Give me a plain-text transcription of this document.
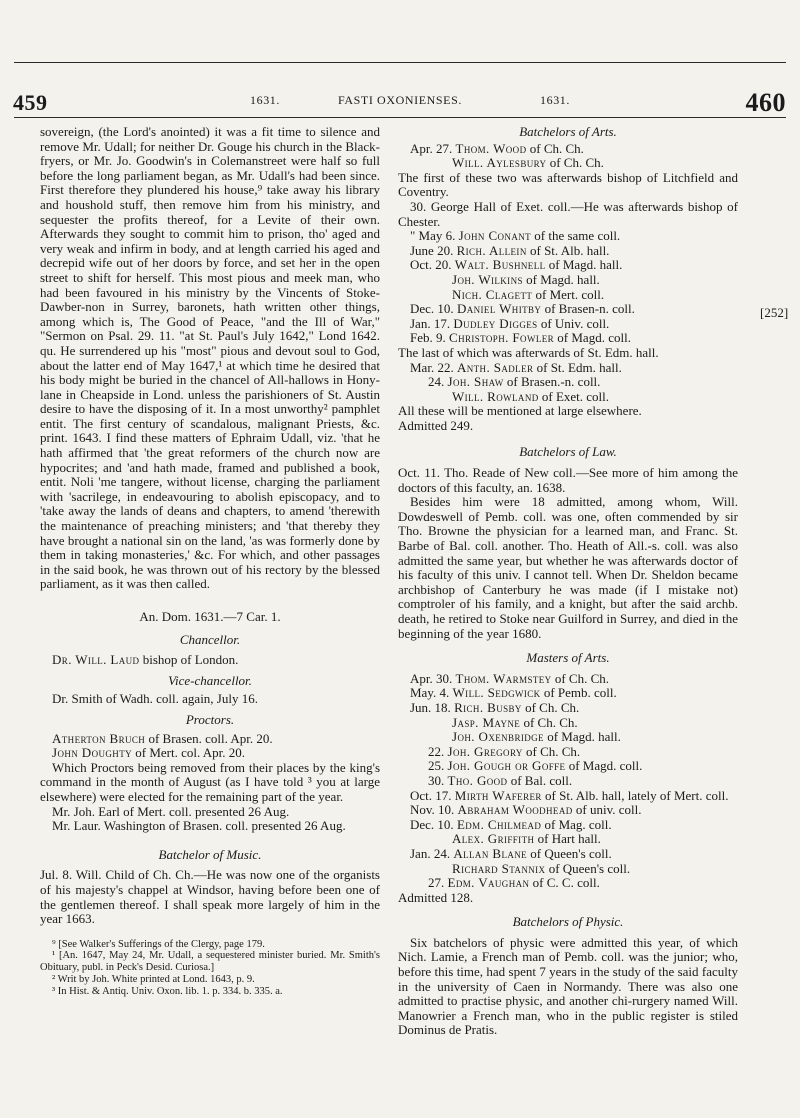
459	1631.	FASTI OXONIENSES.	1631.	460

sovereign, (the Lord's anointed) it was a fit time to silence and remove Mr. Udall; for neither Dr. Gouge his church in the Black-fryers, or Mr. Jo. Goodwin's in Colemanstreet were half so full before the long parliament began, as Mr. Udall's had been since. First therefore they plundered his house,⁹ take away his library and houshold stuff, then remove him from his ministry, and sequester the profits thereof, for a Levite of their own. Afterwards they sought to commit him to prison, tho' aged and very weak and infirm in body, and at length carried his aged and decrepid wife out of her doors by force, and set her in the open street to shift for herself. This most pious and meek man, who had been favoured in his ministry by the Vincents of Stoke-Dawber-non in Surrey, baronets, hath written other things, among which is, The Good of Peace, "and the Ill of War," "Sermon on Psal. 29. 11. "at St. Paul's July 1642," Lond 1642. qu. He surrendered up his "most" pious and devout soul to God, about the latter end of May 1647,¹ at which time he desired that his body might be buried in the chancel of All-hallows in Hony-lane in Cheapside in Lond. unless the parishioners of St. Austin desire to have the disposing of it. In a most unworthy² pamphlet entit. The first century of scandalous, malignant Priests, &c. print. 1643. I find these matters of Ephraim Udall, viz. 'that he hath affirmed that 'the great reformers of the church now are hypocrites; and 'and hath made, framed and published a book, entit. Noli 'me tangere, without license, charging the parliament with 'sacrilege, in endeavouring to abolish episcopacy, and to 'take away the lands of deans and chapters, to amend 'therewith the maintenance of preaching ministers; and 'that thereby they have brought a national sin on the land, 'as was formerly done by them in taking monasteries,' &c. For which, and other passages in the said book, he was thrown out of his rectory by the blessed parliament, as it was then called.

An. Dom. 1631.—7 Car. 1.
Chancellor.

Dr. Will. Laud bishop of London.

Vice-chancellor.

Dr. Smith of Wadh. coll. again, July 16.

Proctors.

Atherton Bruch of Brasen. coll. Apr. 20.

John Doughty of Mert. col. Apr. 20.

Which Proctors being removed from their places by the king's command in the month of August (as I have told ³ you at large elsewhere) were elected for the remaining part of the year.

Mr. Joh. Earl of Mert. coll. presented 26 Aug.

Mr. Laur. Washington of Brasen. coll. presented 26 Aug.

Batchelor of Music.

Jul. 8. Will. Child of Ch. Ch.—He was now one of the organists of his majesty's chappel at Windsor, having before been one of the gentlemen thereof. I shall speak more largely of him in the year 1663.

⁹ [See Walker's Sufferings of the Clergy, page 179.

¹ [An. 1647, May 24, Mr. Udall, a sequestered minister buried. Mr. Smith's Obituary, publ. in Peck's Desid. Curiosa.]

² Writ by Joh. White printed at Lond. 1643, p. 9.

³ In Hist. & Antiq. Univ. Oxon. lib. 1. p. 334. b. 335. a.

Batchelors of Arts.

Apr. 27. Thom. Wood of Ch. Ch.

Will. Aylesbury of Ch. Ch.

The first of these two was afterwards bishop of Litchfield and Coventry.

30. George Hall of Exet. coll.—He was afterwards bishop of Chester.

" May 6. John Conant of the same coll.

June 20. Rich. Allein of St. Alb. hall.

Oct. 20. Walt. Bushnell of Magd. hall.

Joh. Wilkins of Magd. hall.

Nich. Clagett of Mert. coll.

Dec. 10. Daniel Whitby of Brasen-n. coll.

Jan. 17. Dudley Digges of Univ. coll.

Feb. 9. Christoph. Fowler of Magd. coll.

The last of which was afterwards of St. Edm. hall.

Mar. 22. Anth. Sadler of St. Edm. hall.

24. Joh. Shaw of Brasen.-n. coll.

Will. Rowland of Exet. coll.

All these will be mentioned at large elsewhere.

Admitted 249.

Batchelors of Law.

Oct. 11. Tho. Reade of New coll.—See more of him among the doctors of this faculty, an. 1638.

Besides him were 18 admitted, among whom, Will. Dowdeswell of Pemb. coll. was one, often commended by sir Tho. Browne the physician for a learned man, and Franc. St. Barbe of Bal. coll. another. Tho. Heath of All.-s. coll. was also admitted the same year, but whether he was afterwards doctor of his faculty of this univ. I cannot tell. When Dr. Sheldon became archbishop of Canterbury he was made (if I mistake not) comptroler of his family, and a knight, but after the said archb. death, he retired to Stoke near Guilford in Surrey, and died in the beginning of the year 1680.

Masters of Arts.

Apr. 30. Thom. Warmstey of Ch. Ch.

May. 4. Will. Sedgwick of Pemb. coll.

Jun. 18. Rich. Busby of Ch. Ch.

Jasp. Mayne of Ch. Ch.

Joh. Oxenbridge of Magd. hall.

22. Joh. Gregory of Ch. Ch.

25. Joh. Gough or Goffe of Magd. coll.

30. Tho. Good of Bal. coll.

Oct. 17. Mirth Waferer of St. Alb. hall, lately of Mert. coll.

Nov. 10. Abraham Woodhead of univ. coll.

Dec. 10. Edm. Chilmead of Mag. coll.

Alex. Griffith of Hart hall.

Jan. 24. Allan Blane of Queen's coll.

Richard Stannix of Queen's coll.

27. Edm. Vaughan of C. C. coll.

Admitted 128.

Batchelors of Physic.

Six batchelors of physic were admitted this year, of which Nich. Lamie, a French man of Pemb. coll. was the junior; who, before this time, had spent 7 years in the study of the said faculty in the university of Caen in Normandy. There was also one admitted to practise physic, and another chi-rurgery named Will. Manowrier a French man, who in the public register is stiled Dominus de Pratis.

[252]
